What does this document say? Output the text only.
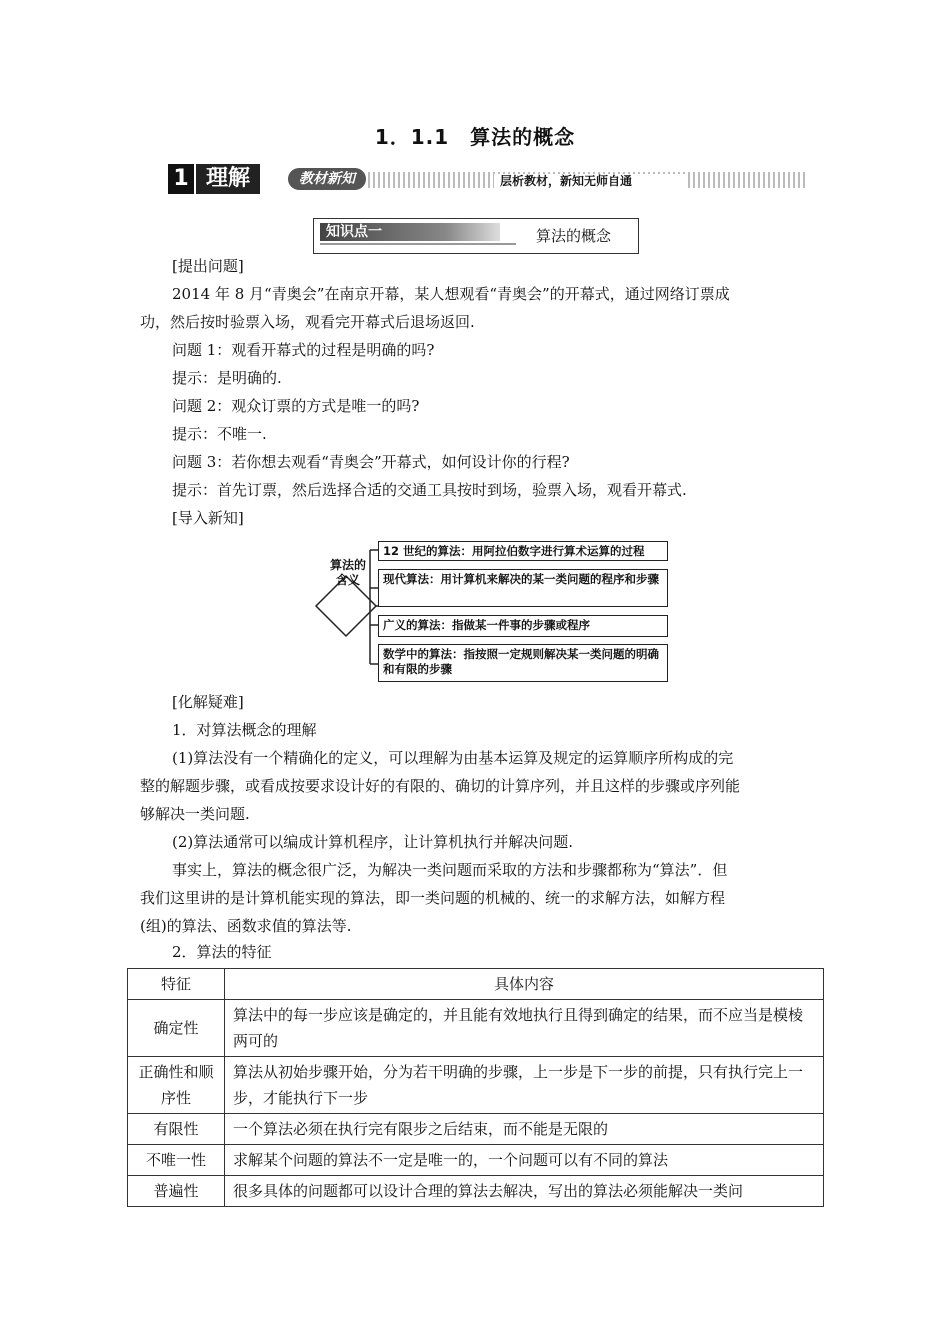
1．1.1　算法的概念
1 理解	教材新知	层析教材，新知无师自通
知识点一	算法的概念
[提出问题]
2014 年 8 月“青奥会”在南京开幕，某人想观看“青奥会”的开幕式，通过网络订票成
功，然后按时验票入场，观看完开幕式后退场返回.
问题 1：观看开幕式的过程是明确的吗?
提示：是明确的.
问题 2：观众订票的方式是唯一的吗?
提示：不唯一.
问题 3：若你想去观看“青奥会”开幕式，如何设计你的行程?
提示：首先订票，然后选择合适的交通工具按时到场，验票入场，观看开幕式.
[导入新知]
算法的
含义
12 世纪的算法：用阿拉伯数字进行算术运算的过程
现代算法：用计算机来解决的某一类问题的程序和步骤
广义的算法：指做某一件事的步骤或程序
数学中的算法：指按照一定规则解决某一类问题的明确和有限的步骤
[化解疑难]
1．对算法概念的理解
(1)算法没有一个精确化的定义，可以理解为由基本运算及规定的运算顺序所构成的完
整的解题步骤，或看成按要求设计好的有限的、确切的计算序列，并且这样的步骤或序列能
够解决一类问题.
(2)算法通常可以编成计算机程序，让计算机执行并解决问题.
事实上，算法的概念很广泛，为解决一类问题而采取的方法和步骤都称为“算法”．但
我们这里讲的是计算机能实现的算法，即一类问题的机械的、统一的求解方法，如解方程
(组)的算法、函数求值的算法等.
2．算法的特征
特征	具体内容
确定性	算法中的每一步应该是确定的，并且能有效地执行且得到确定的结果，而不应当是模棱两可的
正确性和顺序性	算法从初始步骤开始，分为若干明确的步骤，上一步是下一步的前提，只有执行完上一步，才能执行下一步
有限性	一个算法必须在执行完有限步之后结束，而不能是无限的
不唯一性	求解某个问题的算法不一定是唯一的，一个问题可以有不同的算法
普遍性	很多具体的问题都可以设计合理的算法去解决，写出的算法必须能解决一类问
